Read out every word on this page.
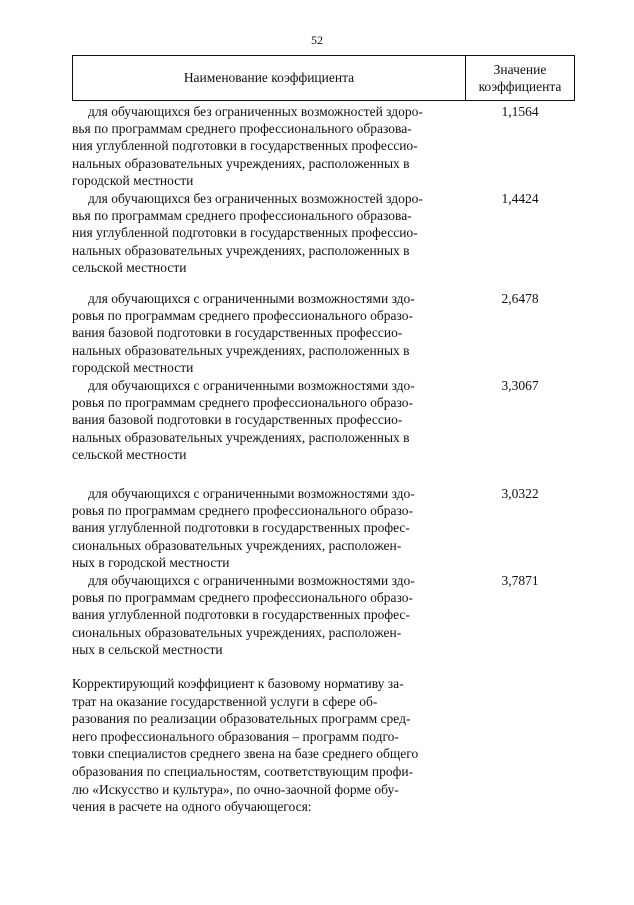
52
Наименование коэффициента
Значение
коэффициента
для обучающихся без ограниченных возможностей здоро-
вья по программам среднего профессионального образова-
ния углубленной подготовки в государственных профессио-
нальных образовательных учреждениях, расположенных в
городской местности
1,1564
для обучающихся без ограниченных возможностей здоро-
вья по программам среднего профессионального образова-
ния углубленной подготовки в государственных профессио-
нальных образовательных учреждениях, расположенных в
сельской местности
1,4424
для обучающихся с ограниченными возможностями здо-
ровья по программам среднего профессионального образо-
вания базовой подготовки в государственных профессио-
нальных образовательных учреждениях, расположенных в
городской местности
2,6478
для обучающихся с ограниченными возможностями здо-
ровья по программам среднего профессионального образо-
вания базовой подготовки в государственных профессио-
нальных образовательных учреждениях, расположенных в
сельской местности
3,3067
для обучающихся с ограниченными возможностями здо-
ровья по программам среднего профессионального образо-
вания углубленной подготовки в государственных профес-
сиональных образовательных учреждениях, расположен-
ных в городской местности
3,0322
для обучающихся с ограниченными возможностями здо-
ровья по программам среднего профессионального образо-
вания углубленной подготовки в государственных профес-
сиональных образовательных учреждениях, расположен-
ных в сельской местности
3,7871
Корректирующий коэффициент к базовому нормативу за-
трат на оказание государственной услуги в сфере об-
разования по реализации образовательных программ сред-
него профессионального образования – программ подго-
товки специалистов среднего звена на базе среднего общего
образования по специальностям, соответствующим профи-
лю «Искусство и культура», по очно-заочной форме обу-
чения в расчете на одного обучающегося:
